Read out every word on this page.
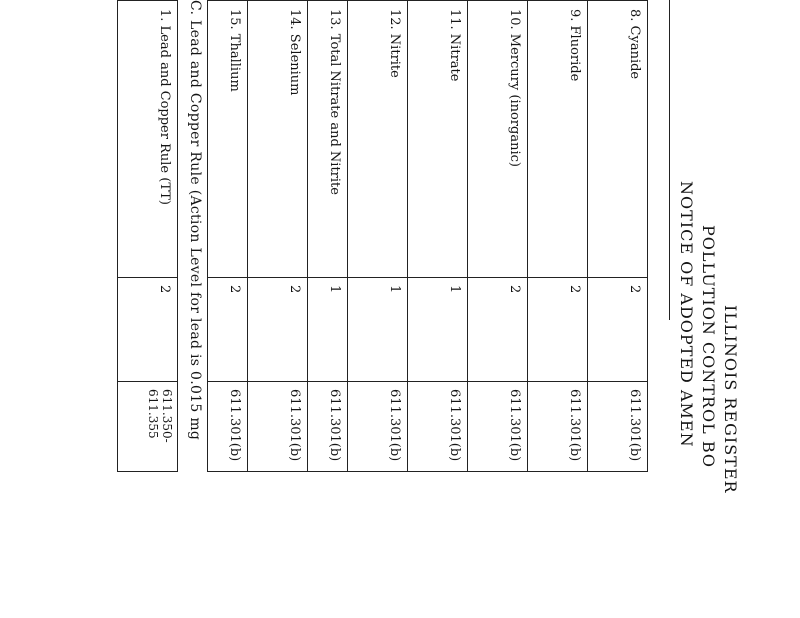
ILLINOIS REGISTER
POLLUTION CONTROL BO
NOTICE OF ADOPTED AMEN
8. Cyanide
2
611.301(b)
9. Fluoride
2
611.301(b)
10. Mercury (inorganic)
2
611.301(b)
11. Nitrate
1
611.301(b)
12. Nitrite
1
611.301(b)
13. Total Nitrate and Nitrite
1
611.301(b)
14. Selenium
2
611.301(b)
15. Thallium
2
611.301(b)
C. Lead and Copper Rule (Action Level for lead is 0.015 mg
1. Lead and Copper Rule (TT)
2
611.350-
611.355
